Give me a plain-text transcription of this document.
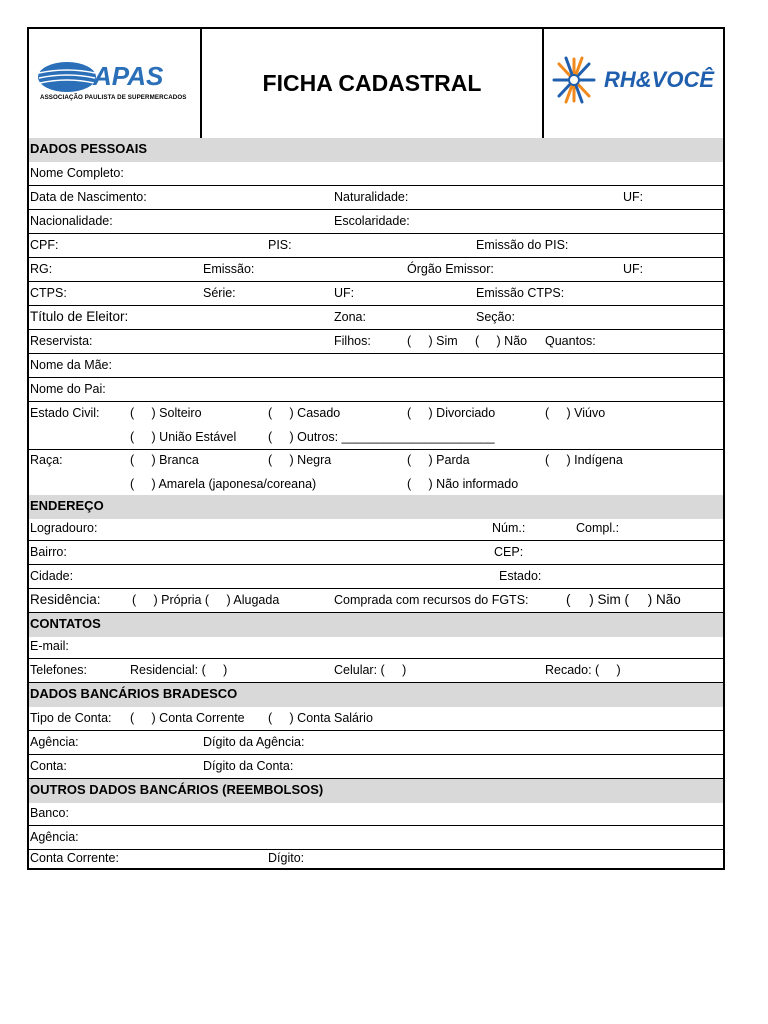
APAS
ASSOCIAÇÃO PAULISTA DE SUPERMERCADOS
FICHA CADASTRAL	RH&VOCÊ
DADOS PESSOAIS
Nome Completo:
Data de Nascimento:	Naturalidade:	UF:
Nacionalidade:	Escolaridade:
CPF:	PIS:	Emissão do PIS:
RG:	Emissão:	Órgão Emissor:	UF:
CTPS:	Série:	UF:	Emissão CTPS:
Título de Eleitor:	Zona:	Seção:
Reservista:	Filhos:	(     ) Sim (     ) Não Quantos:
Nome da Mãe:
Nome do Pai:
Estado Civil: (     ) Solteiro	(     ) Casado	(     ) Divorciado	(     ) Viúvo
(     ) União Estável	(     ) Outros: ______________________
Raça:	(     ) Branca	(     ) Negra	(     ) Parda	(     ) Indígena
(     ) Amarela (japonesa/coreana)	(     ) Não informado
ENDEREÇO
Logradouro:	Núm.:	Compl.:
Bairro:	CEP:
Cidade:	Estado:
Residência:	(     ) Própria (     ) Alugada	Comprada com recursos do FGTS:	(     ) Sim (     ) Não
CONTATOS
E-mail:
Telefones:	Residencial: (     )	Celular: (     )	Recado: (     )
DADOS BANCÁRIOS BRADESCO
Tipo de Conta: (     ) Conta Corrente (     ) Conta Salário
Agência:	Dígito da Agência:
Conta:	Dígito da Conta:
OUTROS DADOS BANCÁRIOS (REEMBOLSOS)
Banco:
Agência:
Conta Corrente:	Dígito:
